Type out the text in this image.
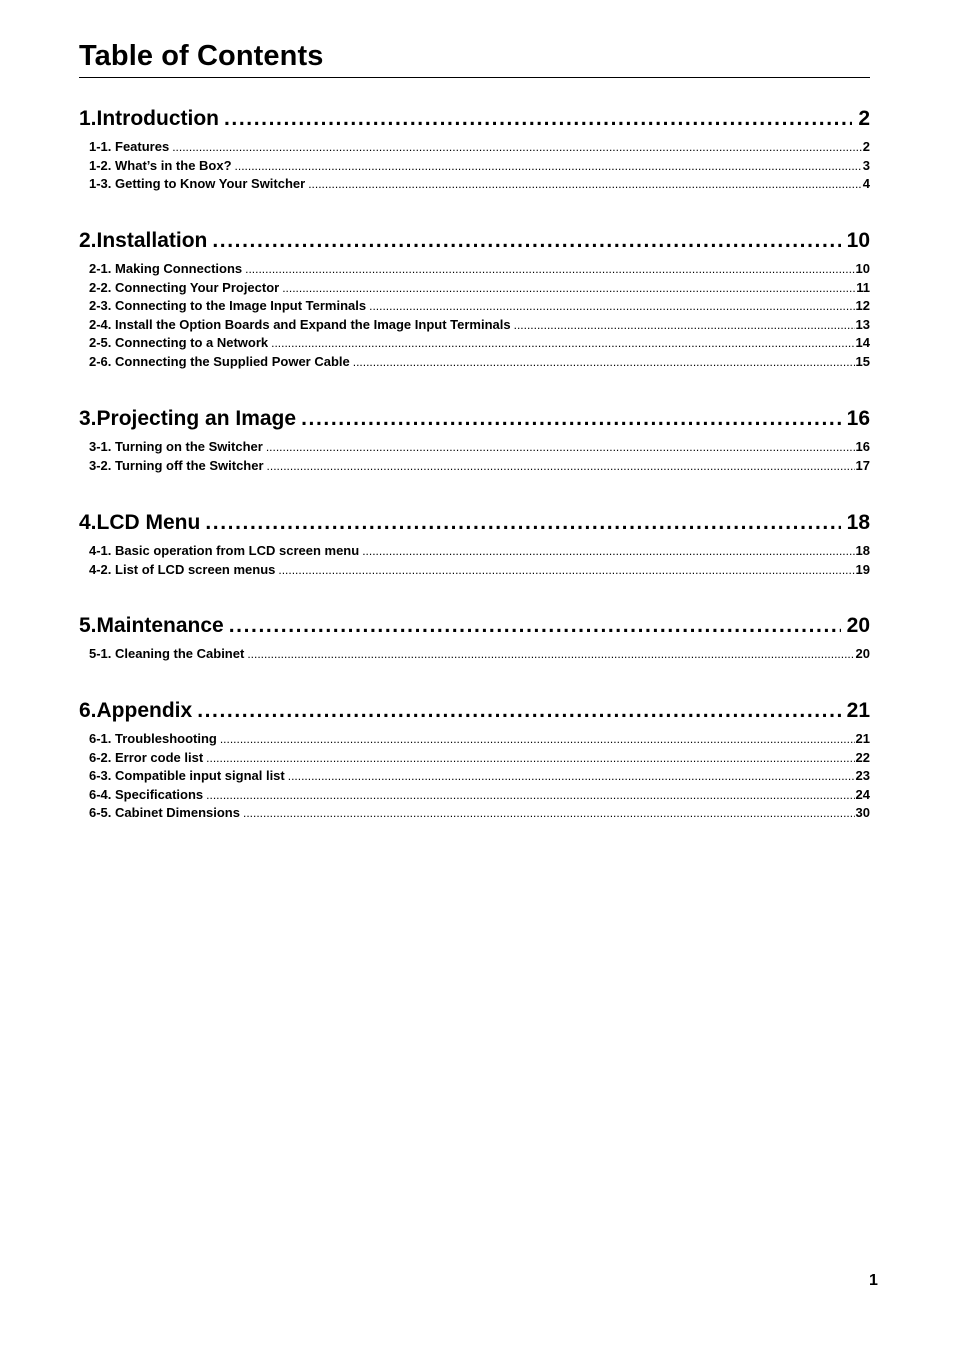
Table of Contents
1.Introduction .....	2
1-1. Features .....	2
1-2. What’s in the Box? .....	3
1-3. Getting to Know Your Switcher .....	4
2.Installation .....	10
2-1. Making Connections .....	10
2-2. Connecting Your Projector .....	11
2-3. Connecting to the Image Input Terminals .....	12
2-4. Install the Option Boards and Expand the Image Input Terminals .....	13
2-5. Connecting to a Network .....	14
2-6. Connecting the Supplied Power Cable .....	15
3.Projecting an Image .....	16
3-1. Turning on the Switcher .....	16
3-2. Turning off the Switcher .....	17
4.LCD Menu .....	18
4-1. Basic operation from LCD screen menu .....	18
4-2. List of LCD screen menus .....	19
5.Maintenance .....	20
5-1. Cleaning the Cabinet .....	20
6.Appendix .....	21
6-1. Troubleshooting .....	21
6-2. Error code list .....	22
6-3. Compatible input signal list .....	23
6-4. Specifications .....	24
6-5. Cabinet Dimensions .....	30
1
